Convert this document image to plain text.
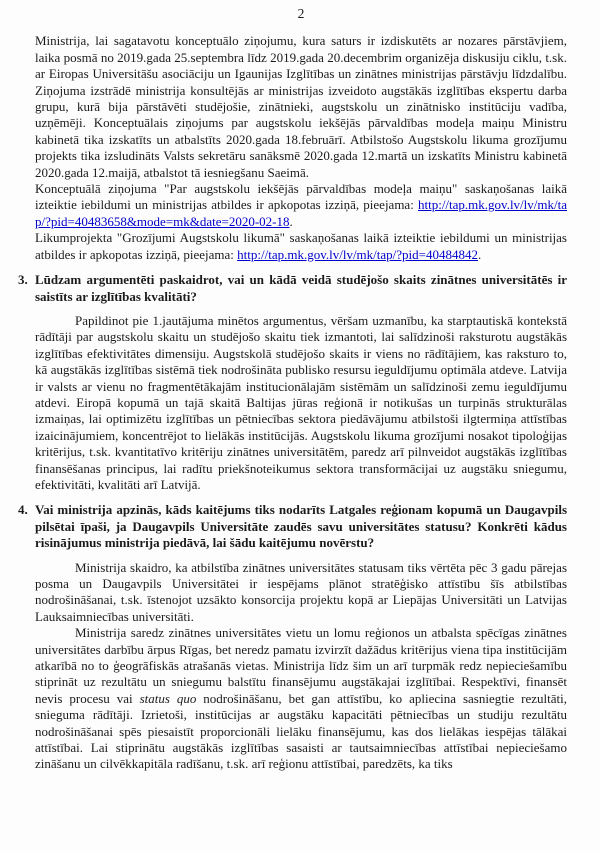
2
Ministrija, lai sagatavotu konceptuālo ziņojumu, kura saturs ir izdiskutēts ar nozares pārstāvjiem, laika posmā no 2019.gada 25.septembra līdz 2019.gada 20.decembrim organizēja diskusiju ciklu, t.sk. ar Eiropas Universitāšu asociāciju un Igaunijas Izglītības un zinātnes ministrijas pārstāvju līdzdalību. Ziņojuma izstrādē ministrija konsultējās ar ministrijas izveidoto augstākās izglītības ekspertu darba grupu, kurā bija pārstāvēti studējošie, zinātnieki, augstskolu un zinātnisko institūciju vadība, uzņēmēji. Konceptuālais ziņojums par augstskolu iekšējās pārvaldības modeļa maiņu Ministru kabinetā tika izskatīts un atbalstīts 2020.gada 18.februārī. Atbilstošo Augstskolu likuma grozījumu projekts tika izsludināts Valsts sekretāru sanāksmē 2020.gada 12.martā un izskatīts Ministru kabinetā 2020.gada 12.maijā, atbalstot tā iesniegšanu Saeimā.
Konceptuālā ziņojuma "Par augstskolu iekšējās pārvaldības modeļa maiņu" saskaņošanas laikā izteiktie iebildumi un ministrijas atbildes ir apkopotas izziņā, pieejama: http://tap.mk.gov.lv/lv/mk/tap/?pid=40483658&mode=mk&date=2020-02-18.
Likumprojekta "Grozījumi Augstskolu likumā" saskaņošanas laikā izteiktie iebildumi un ministrijas atbildes ir apkopotas izziņā, pieejama: http://tap.mk.gov.lv/lv/mk/tap/?pid=40484842.
3. Lūdzam argumentēti paskaidrot, vai un kādā veidā studējošo skaits zinātnes universitātēs ir saistīts ar izglītības kvalitāti?
Papildinot pie 1.jautājuma minētos argumentus, vēršam uzmanību, ka starptautiskā kontekstā rādītāji par augstskolu skaitu un studējošo skaitu tiek izmantoti, lai salīdzinoši raksturotu augstākās izglītības efektivitātes dimensiju. Augstskolā studējošo skaits ir viens no rādītājiem, kas raksturo to, kā augstākās izglītības sistēmā tiek nodrošināta publisko resursu ieguldījumu optimāla atdeve. Latvija ir valsts ar vienu no fragmentētākajām institucionālajām sistēmām un salīdzinoši zemu ieguldījumu atdevi. Eiropā kopumā un tajā skaitā Baltijas jūras reģionā ir notikušas un turpinās strukturālas izmaiņas, lai optimizētu izglītības un pētniecības sektora piedāvājumu atbilstoši ilgtermiņa attīstības izaicinājumiem, koncentrējot to lielākās institūcijās. Augstskolu likuma grozījumi nosakot tipoloģijas kritērijus, t.sk. kvantitatīvo kritēriju zinātnes universitātēm, paredz arī pilnveidot augstākās izglītības finansēšanas principus, lai radītu priekšnoteikumus sektora transformācijai uz augstāku sniegumu, efektivitāti, kvalitāti arī Latvijā.
4. Vai ministrija apzinās, kāds kaitējums tiks nodarīts Latgales reģionam kopumā un Daugavpils pilsētai īpaši, ja Daugavpils Universitāte zaudēs savu universitātes statusu? Konkrēti kādus risinājumus ministrija piedāvā, lai šādu kaitējumu novērstu?
Ministrija skaidro, ka atbilstība zinātnes universitātes statusam tiks vērtēta pēc 3 gadu pārejas posma un Daugavpils Universitātei ir iespējams plānot stratēģisko attīstību šīs atbilstības nodrošināšanai, t.sk. īstenojot uzsākto konsorcija projektu kopā ar Liepājas Universitāti un Latvijas Lauksaimniecības universitāti.
Ministrija saredz zinātnes universitātes vietu un lomu reģionos un atbalsta spēcīgas zinātnes universitātes darbību ārpus Rīgas, bet neredz pamatu izvirzīt dažādus kritērijus viena tipa institūcijām atkarībā no to ģeogrāfiskās atrašanās vietas. Ministrija līdz šim un arī turpmāk redz nepieciešamību stiprināt uz rezultātu un sniegumu balstītu finansējumu augstākajai izglītībai. Respektīvi, finansēt nevis procesu vai status quo nodrošināšanu, bet gan attīstību, ko apliecina sasniegtie rezultāti, snieguma rādītāji. Izrietoši, institūcijas ar augstāku kapacitāti pētniecības un studiju rezultātu nodrošināšanai spēs piesaistīt proporcionāli lielāku finansējumu, kas dos lielākas iespējas tālākai attīstībai. Lai stiprinātu augstākās izglītības sasaisti ar tautsaimniecības attīstībai nepieciešamo zināšanu un cilvēkkapitāla radīšanu, t.sk. arī reģionu attīstībai, paredzēts, ka tiks
